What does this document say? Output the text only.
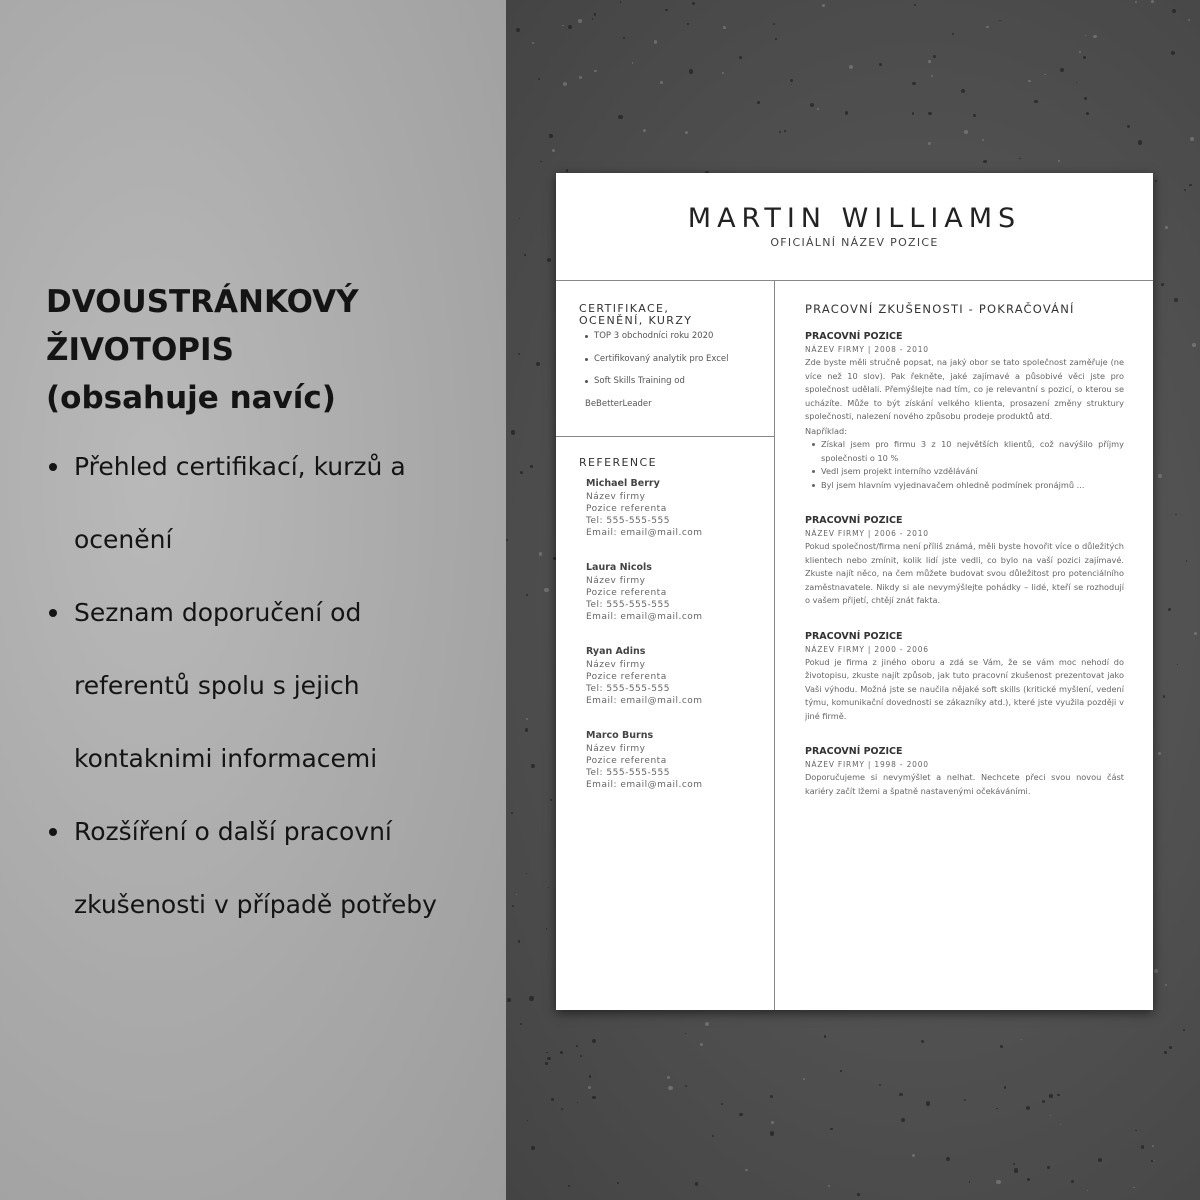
DVOUSTRÁNKOVÝ
ŽIVOTOPIS
(obsahuje navíc)
Přehled certifikací, kurzů a
ocenění
Seznam doporučení od
referentů spolu s jejich
kontaknimi informacemi
Rozšíření o další pracovní
zkušenosti v případě potřeby
MARTIN WILLIAMS
OFICIÁLNÍ NÁZEV POZICE
CERTIFIKACE,
OCENĚNÍ, KURZY
TOP 3 obchodníci roku 2020
Certifikovaný analytik pro Excel
Soft Skills Training od
BeBetterLeader
REFERENCE
Michael Berry
Název firmy
Pozice referenta
Tel: 555-555-555
Email: email@mail.com
Laura Nicols
Název firmy
Pozice referenta
Tel: 555-555-555
Email: email@mail.com
Ryan Adins
Název firmy
Pozice referenta
Tel: 555-555-555
Email: email@mail.com
Marco Burns
Název firmy
Pozice referenta
Tel: 555-555-555
Email: email@mail.com
PRACOVNÍ ZKUŠENOSTI - POKRAČOVÁNÍ
PRACOVNÍ POZICE
NÁZEV FIRMY | 2008 - 2010
Zde byste měli stručně popsat, na jaký obor se tato společnost zaměřuje (ne více než 10 slov). Pak řekněte, jaké zajímavé a působivé věci jste pro společnost udělali. Přemýšlejte nad tím, co je relevantní s pozicí, o kterou se ucházíte. Může to být získání velkého klienta, prosazení změny struktury společnosti, nalezení nového způsobu prodeje produktů atd.
Například:
Získal jsem pro firmu 3 z 10 největších klientů, což navýšilo příjmy společnosti o 10 %
Vedl jsem projekt interního vzdělávání
Byl jsem hlavním vyjednavačem ohledně podmínek pronájmů ...
PRACOVNÍ POZICE
NÁZEV FIRMY | 2006 - 2010
Pokud společnost/firma není příliš známá, měli byste hovořit více o důležitých klientech nebo zmínit, kolik lidí jste vedli, co bylo na vaší pozici zajímavé. Zkuste najít něco, na čem můžete budovat svou důležitost pro potenciálního zaměstnavatele. Nikdy si ale nevymýšlejte pohádky – lidé, kteří se rozhodují o vašem přijetí, chtějí znát fakta.
PRACOVNÍ POZICE
NÁZEV FIRMY | 2000 - 2006
Pokud je firma z jiného oboru a zdá se Vám, že se vám moc nehodí do životopisu, zkuste najít způsob, jak tuto pracovní zkušenost prezentovat jako Vaši výhodu. Možná jste se naučila nějaké soft skills (kritické myšlení, vedení týmu, komunikační dovednosti se zákazníky atd.), které jste využila později v jiné firmě.
PRACOVNÍ POZICE
NÁZEV FIRMY | 1998 - 2000
Doporučujeme si nevymýšlet a nelhat. Nechcete přeci svou novou část kariéry začít lžemi a špatně nastavenými očekáváními.
